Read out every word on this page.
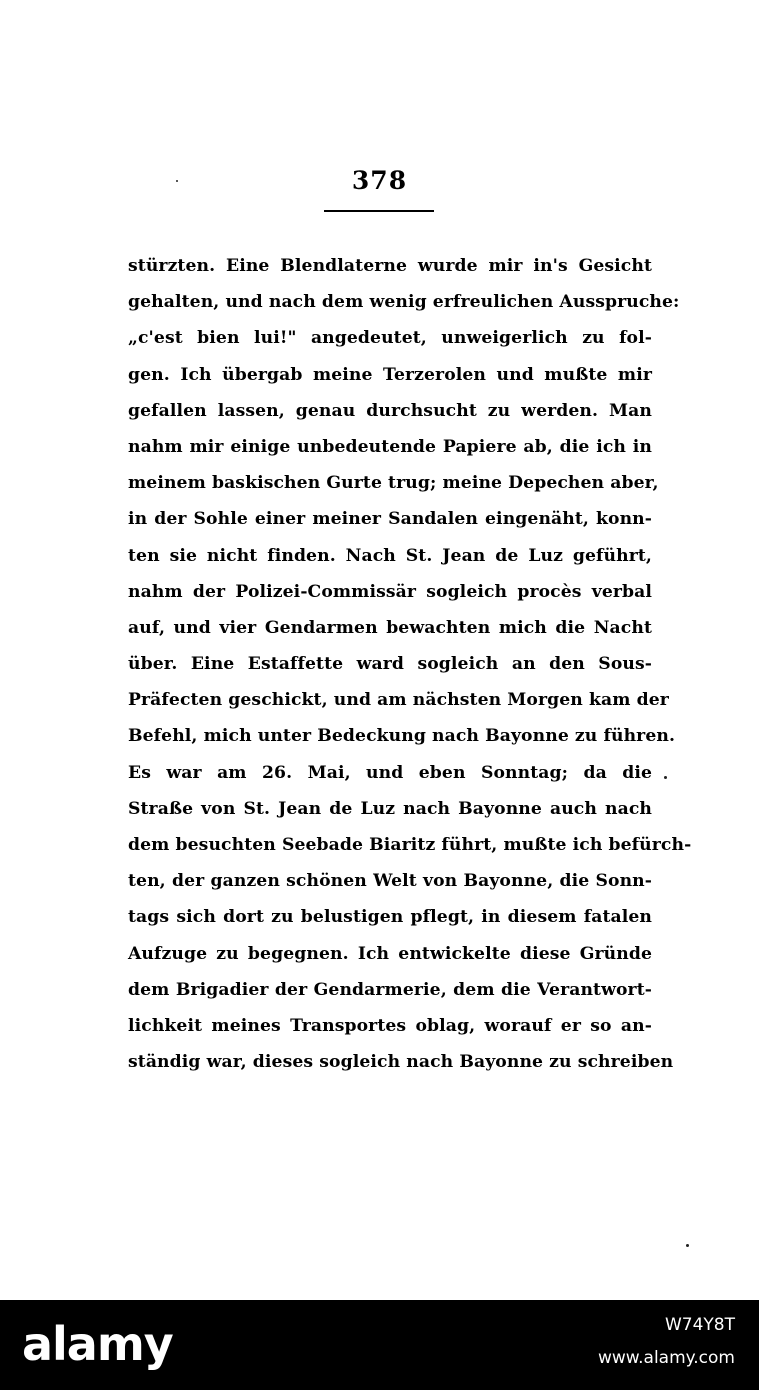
378
stürzten. Eine Blendlaterne wurde mir in's Gesicht
gehalten, und nach dem wenig erfreulichen Ausspruche:
„c'est bien lui!" angedeutet, unweigerlich zu fol-
gen. Ich übergab meine Terzerolen und mußte mir
gefallen lassen, genau durchsucht zu werden. Man
nahm mir einige unbedeutende Papiere ab, die ich in
meinem baskischen Gurte trug; meine Depechen aber,
in der Sohle einer meiner Sandalen eingenäht, konn-
ten sie nicht finden. Nach St. Jean de Luz geführt,
nahm der Polizei-Commissär sogleich procès verbal
auf, und vier Gendarmen bewachten mich die Nacht
über. Eine Estaffette ward sogleich an den Sous-
Präfecten geschickt, und am nächsten Morgen kam der
Befehl, mich unter Bedeckung nach Bayonne zu führen.
Es war am 26. Mai, und eben Sonntag; da die
Straße von St. Jean de Luz nach Bayonne auch nach
dem besuchten Seebade Biaritz führt, mußte ich befürch-
ten, der ganzen schönen Welt von Bayonne, die Sonn-
tags sich dort zu belustigen pflegt, in diesem fatalen
Aufzuge zu begegnen. Ich entwickelte diese Gründe
dem Brigadier der Gendarmerie, dem die Verantwort-
lichkeit meines Transportes oblag, worauf er so an-
ständig war, dieses sogleich nach Bayonne zu schreiben
alamy	W74Y8T
www.alamy.com
